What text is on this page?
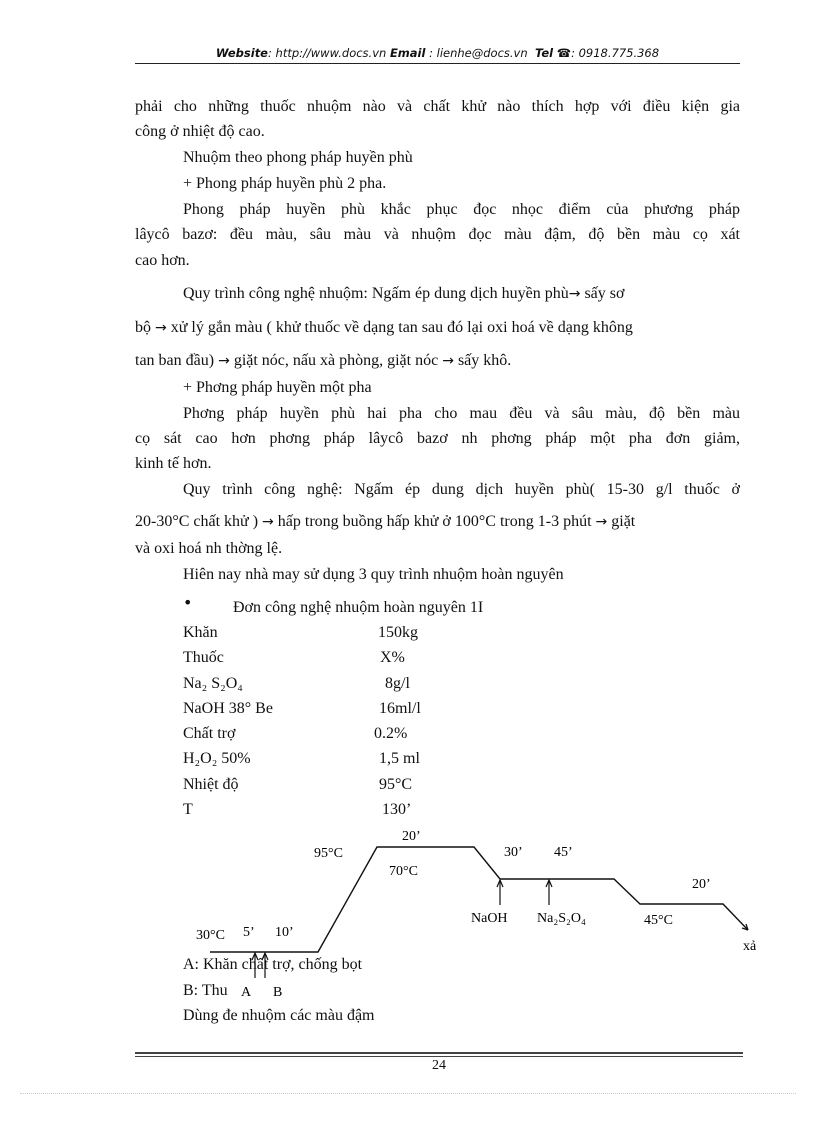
Website: http://www.docs.vn Email : lienhe@docs.vn Tel ☎: 0918.775.368

phải cho những thuốc nhuộm nào và chất khử nào thích hợp với điều kiện gia

công ở nhiệt độ cao.

Nhuộm theo phong pháp huyền phù

+ Phong pháp huyền phù 2 pha.

Phong pháp huyền phù khắc phục đọc nhọc điểm của phương pháp

lâycô bazơ: đều màu, sâu màu và nhuộm đọc màu đậm, độ bền màu cọ xát

cao hơn.

Quy trình công nghệ nhuộm: Ngấm ép dung dịch huyền phù→ sấy sơ

bộ → xử lý gắn màu ( khử thuốc về dạng tan sau đó lại oxi hoá về dạng không

tan ban đầu) → giặt nóc, nấu xà phòng, giặt nóc → sấy khô.

+ Phơng pháp huyền một pha

Phơng pháp huyền phù hai pha cho mau đều và sâu màu, độ bền màu

cọ sát cao hơn phơng pháp lâycô bazơ nh phơng pháp một pha đơn giảm,

kinh tế hơn.

Quy trình công nghệ: Ngấm ép dung dịch huyền phù( 15-30 g/l thuốc ở

20-30°C chất khử ) → hấp trong buồng hấp khử ở 100°C trong 1-3 phút → giặt

và oxi hoá nh thờng lệ.

Hiên nay nhà may sử dụng 3 quy trình nhuộm hoàn nguyên

•	Đơn công nghệ nhuộm hoàn nguyên 1I

Khăn	150kg
Thuốc	X%
Na₂ S₂O₄	8g/l
NaOH 38° Be	16ml/l
Chất trợ	0.2%
H₂O₂ 50%	1,5 ml
Nhiệt độ	95°C
T	130’
95°C
20’
70°C
30’ 45’
20’
NaOH Na₂S₂O₄	45°C
xả
30°C 5’ 10’
A B

A: Khăn chất trợ, chống bọt

B: Thu

Dùng đe nhuộm các màu đậm

24
